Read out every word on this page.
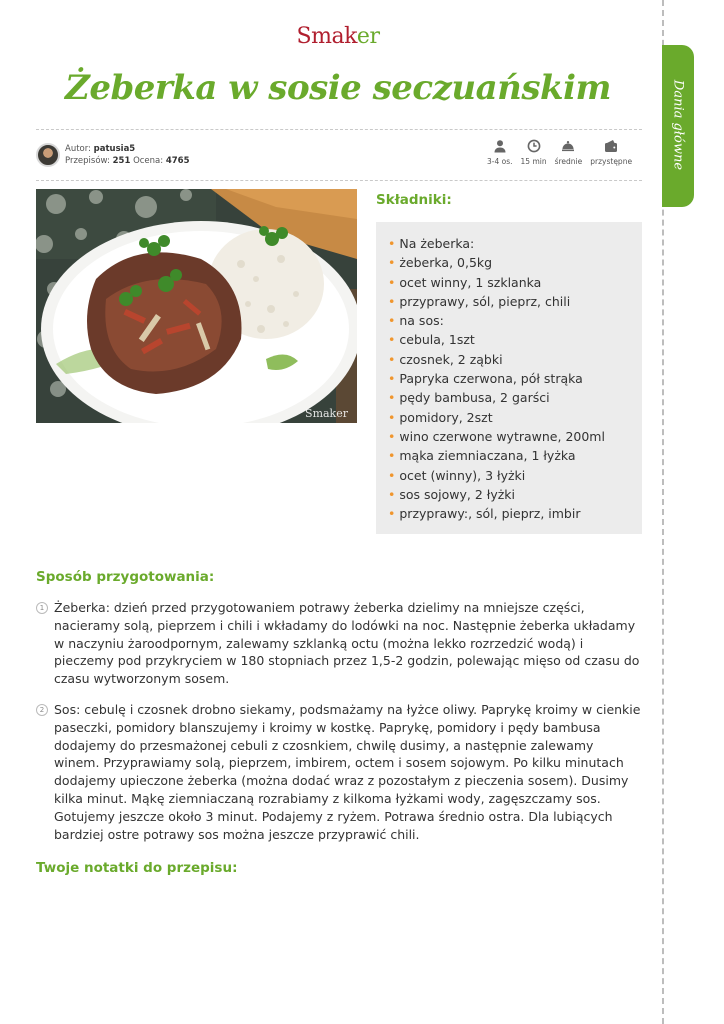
Smaker
Żeberka w sosie seczuańskim	Dania główne
Autor: patusia5
Przepisów: 251 Ocena: 4765	3-4 os. 15 min średnie przystępne
Smaker
Składniki:
• Na żeberka:
• żeberka, 0,5kg
• ocet winny, 1 szklanka
• przyprawy, sól, pieprz, chili
• na sos:
• cebula, 1szt
• czosnek, 2 ząbki
• Papryka czerwona, pół strąka
• pędy bambusa, 2 garści
• pomidory, 2szt
• wino czerwone wytrawne, 200ml
• mąka ziemniaczana, 1 łyżka
• ocet (winny), 3 łyżki
• sos sojowy, 2 łyżki
• przyprawy:, sól, pieprz, imbir
Sposób przygotowania:
1 Żeberka: dzień przed przygotowaniem potrawy żeberka dzielimy na mniejsze części, nacieramy solą, pieprzem i chili i wkładamy do lodówki na noc. Następnie żeberka układamy w naczyniu żaroodpornym, zalewamy szklanką octu (można lekko rozrzedzić wodą) i pieczemy pod przykryciem w 180 stopniach przez 1,5-2 godzin, polewając mięso od czasu do czasu wytworzonym sosem.

2 Sos: cebulę i czosnek drobno siekamy, podsmażamy na łyżce oliwy. Paprykę kroimy w cienkie paseczki, pomidory blanszujemy i kroimy w kostkę. Paprykę, pomidory i pędy bambusa dodajemy do przesmażonej cebuli z czosnkiem, chwilę dusimy, a następnie zalewamy winem. Przyprawiamy solą, pieprzem, imbirem, octem i sosem sojowym. Po kilku minutach dodajemy upieczone żeberka (można dodać wraz z pozostałym z pieczenia sosem). Dusimy kilka minut. Mąkę ziemniaczaną rozrabiamy z kilkoma łyżkami wody, zagęszczamy sos. Gotujemy jeszcze około 3 minut. Podajemy z ryżem. Potrawa średnio ostra. Dla lubiących bardziej ostre potrawy sos można jeszcze przyprawić chili.

Twoje notatki do przepisu:
